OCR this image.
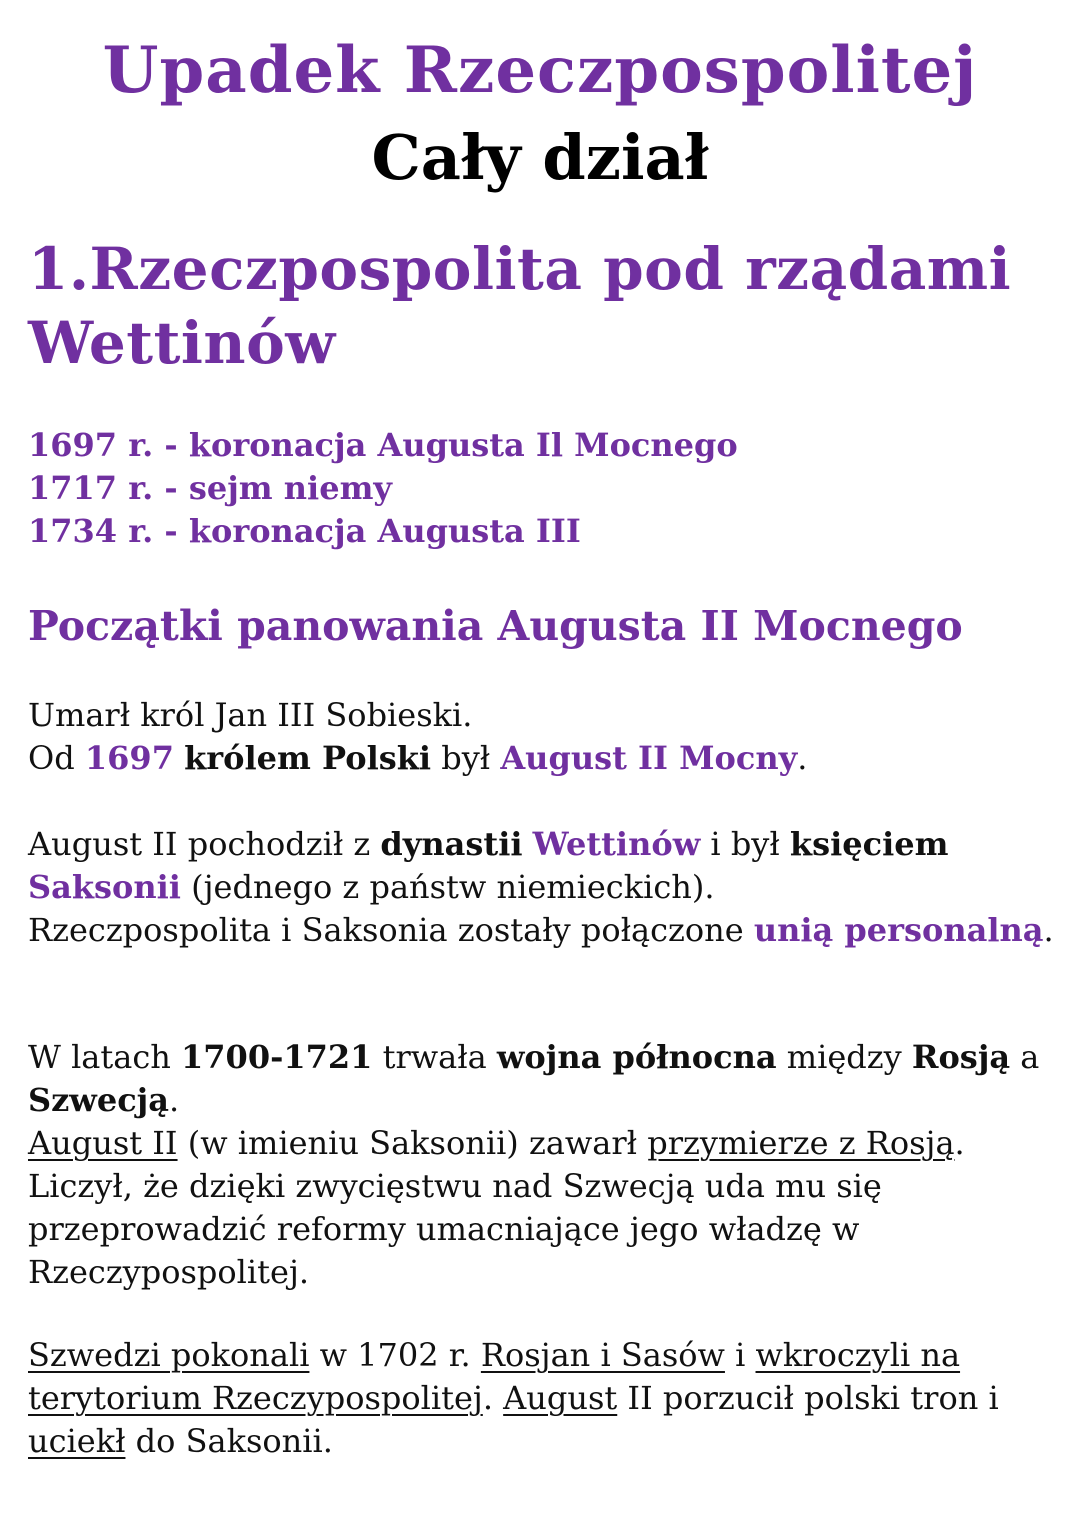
Upadek Rzeczpospolitej
Cały dział
1.Rzeczpospolita pod rządami
Wettinów
1697 r. - koronacja Augusta Il Mocnego
1717 r. - sejm niemy
1734 r. - koronacja Augusta III
Początki panowania Augusta II Mocnego

Umarł król Jan III Sobieski.
Od 1697 królem Polski był August II Mocny.

August II pochodził z dynastii Wettinów i był księciem Saksonii (jednego z państw niemieckich).
Rzeczpospolita i Saksonia zostały połączone unią personalną.

W latach 1700-1721 trwała wojna północna między Rosją a Szwecją.
August II (w imieniu Saksonii) zawarł przymierze z Rosją.
Liczył, że dzięki zwycięstwu nad Szwecją uda mu się przeprowadzić reformy umacniające jego władzę w Rzeczypospolitej.

Szwedzi pokonali w 1702 r. Rosjan i Sasów i wkroczyli na terytorium Rzeczypospolitej. August II porzucił polski tron i uciekł do Saksonii.
